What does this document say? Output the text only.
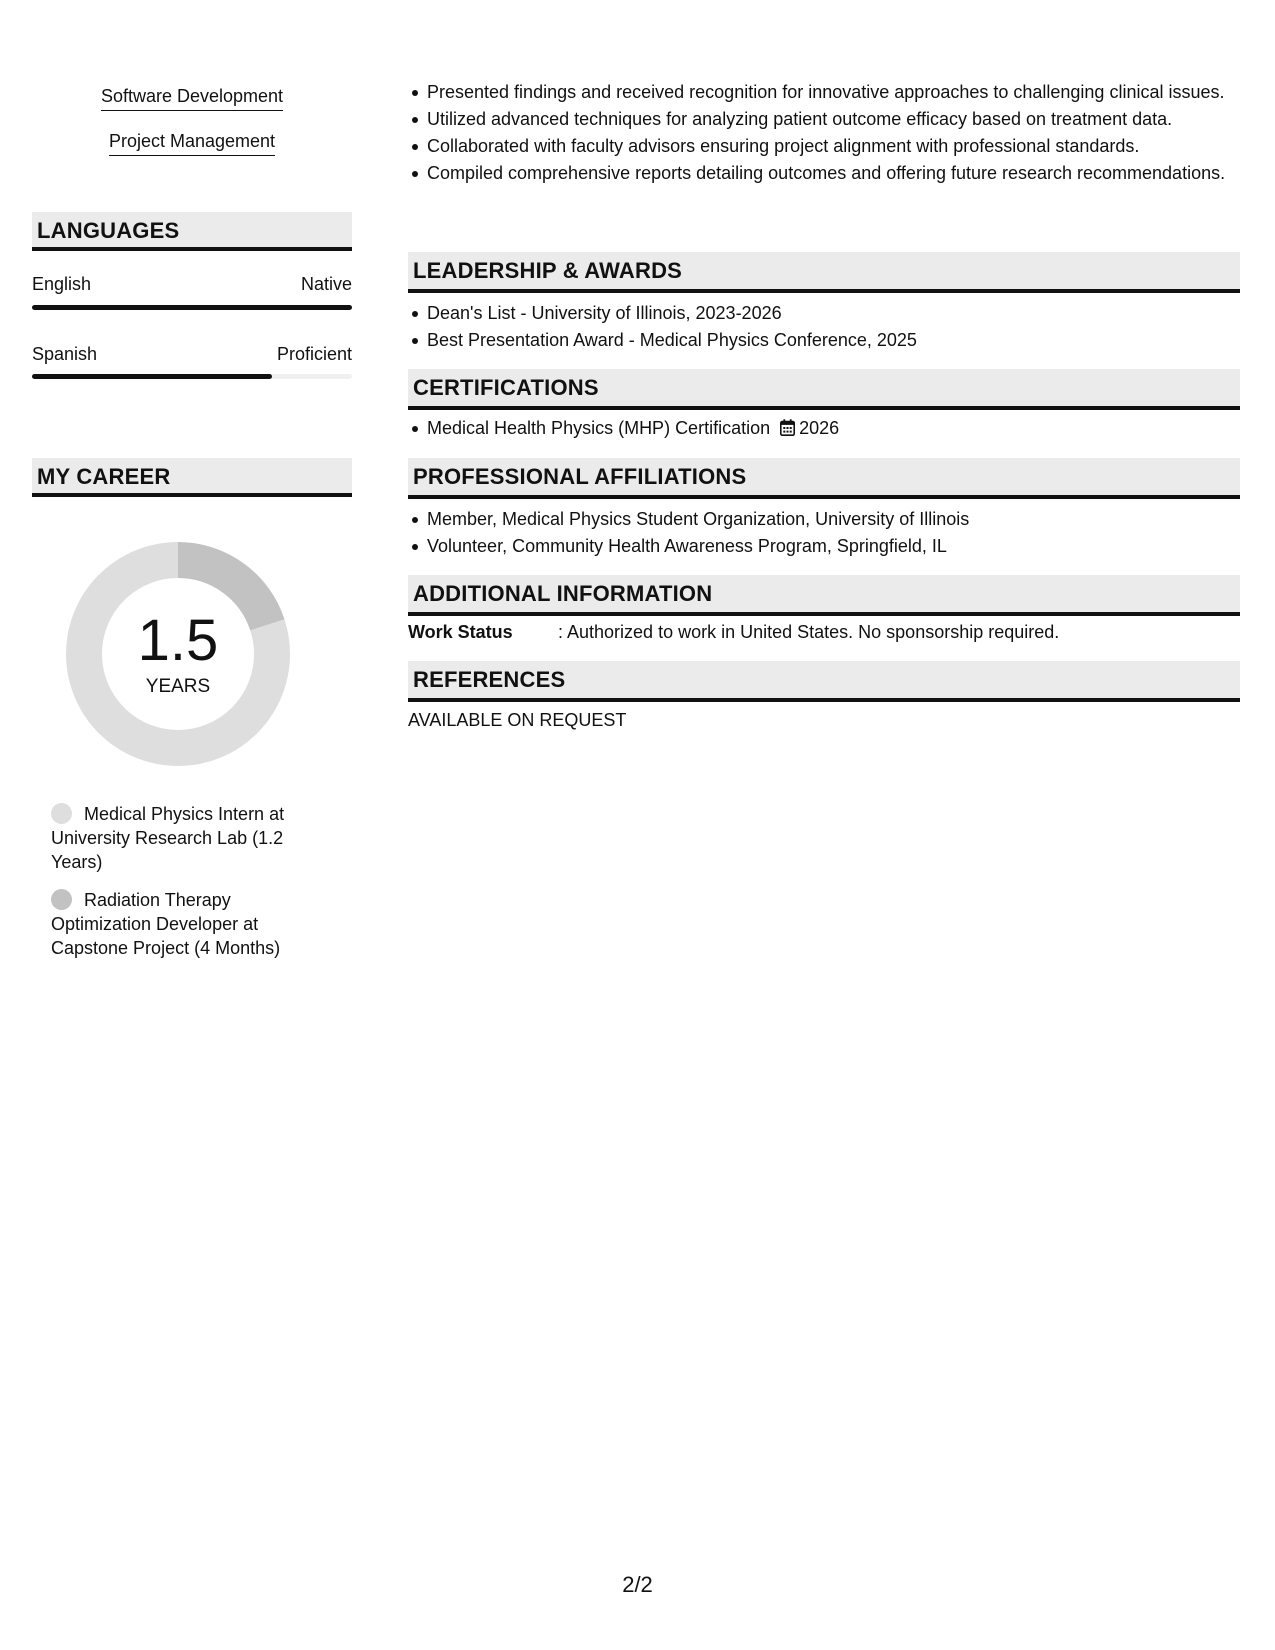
Software Development
Project Management
LANGUAGES
English	Native
Spanish	Proficient
MY CAREER
1.5
YEARS
Medical Physics Intern at University Research Lab (1.2 Years)
Radiation Therapy Optimization Developer at Capstone Project (4 Months)
Presented findings and received recognition for innovative approaches to challenging clinical issues.
Utilized advanced techniques for analyzing patient outcome efficacy based on treatment data.
Collaborated with faculty advisors ensuring project alignment with professional standards.
Compiled comprehensive reports detailing outcomes and offering future research recommendations.
LEADERSHIP & AWARDS
Dean's List - University of Illinois, 2023-2026
Best Presentation Award - Medical Physics Conference, 2025
CERTIFICATIONS
Medical Health Physics (MHP) Certification 2026
PROFESSIONAL AFFILIATIONS
Member, Medical Physics Student Organization, University of Illinois
Volunteer, Community Health Awareness Program, Springfield, IL
ADDITIONAL INFORMATION
Work Status	: Authorized to work in United States. No sponsorship required.
REFERENCES
AVAILABLE ON REQUEST
2/2
